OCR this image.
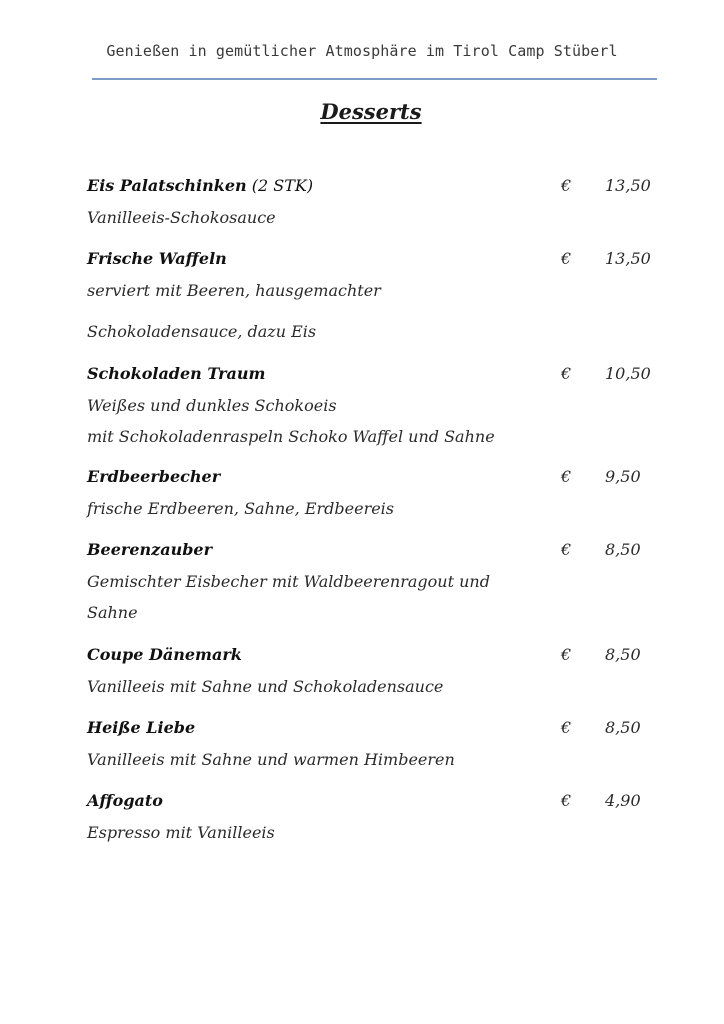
Genießen in gemütlicher Atmosphäre im Tirol Camp Stüberl
Desserts
Eis Palatschinken (2 STK)	€ 13,50
Vanilleeis-Schokosauce
Frische Waffeln	€ 13,50
serviert mit Beeren, hausgemachter
Schokoladensauce, dazu Eis
Schokoladen Traum	€ 10,50
Weißes und dunkles Schokoeis
mit Schokoladenraspeln Schoko Waffel und Sahne
Erdbeerbecher	€ 9,50
frische Erdbeeren, Sahne, Erdbeereis
Beerenzauber	€ 8,50
Gemischter Eisbecher mit Waldbeerenragout und
Sahne
Coupe Dänemark	€ 8,50
Vanilleeis mit Sahne und Schokoladensauce
Heiße Liebe	€ 8,50
Vanilleeis mit Sahne und warmen Himbeeren
Affogato	€ 4,90
Espresso mit Vanilleeis
